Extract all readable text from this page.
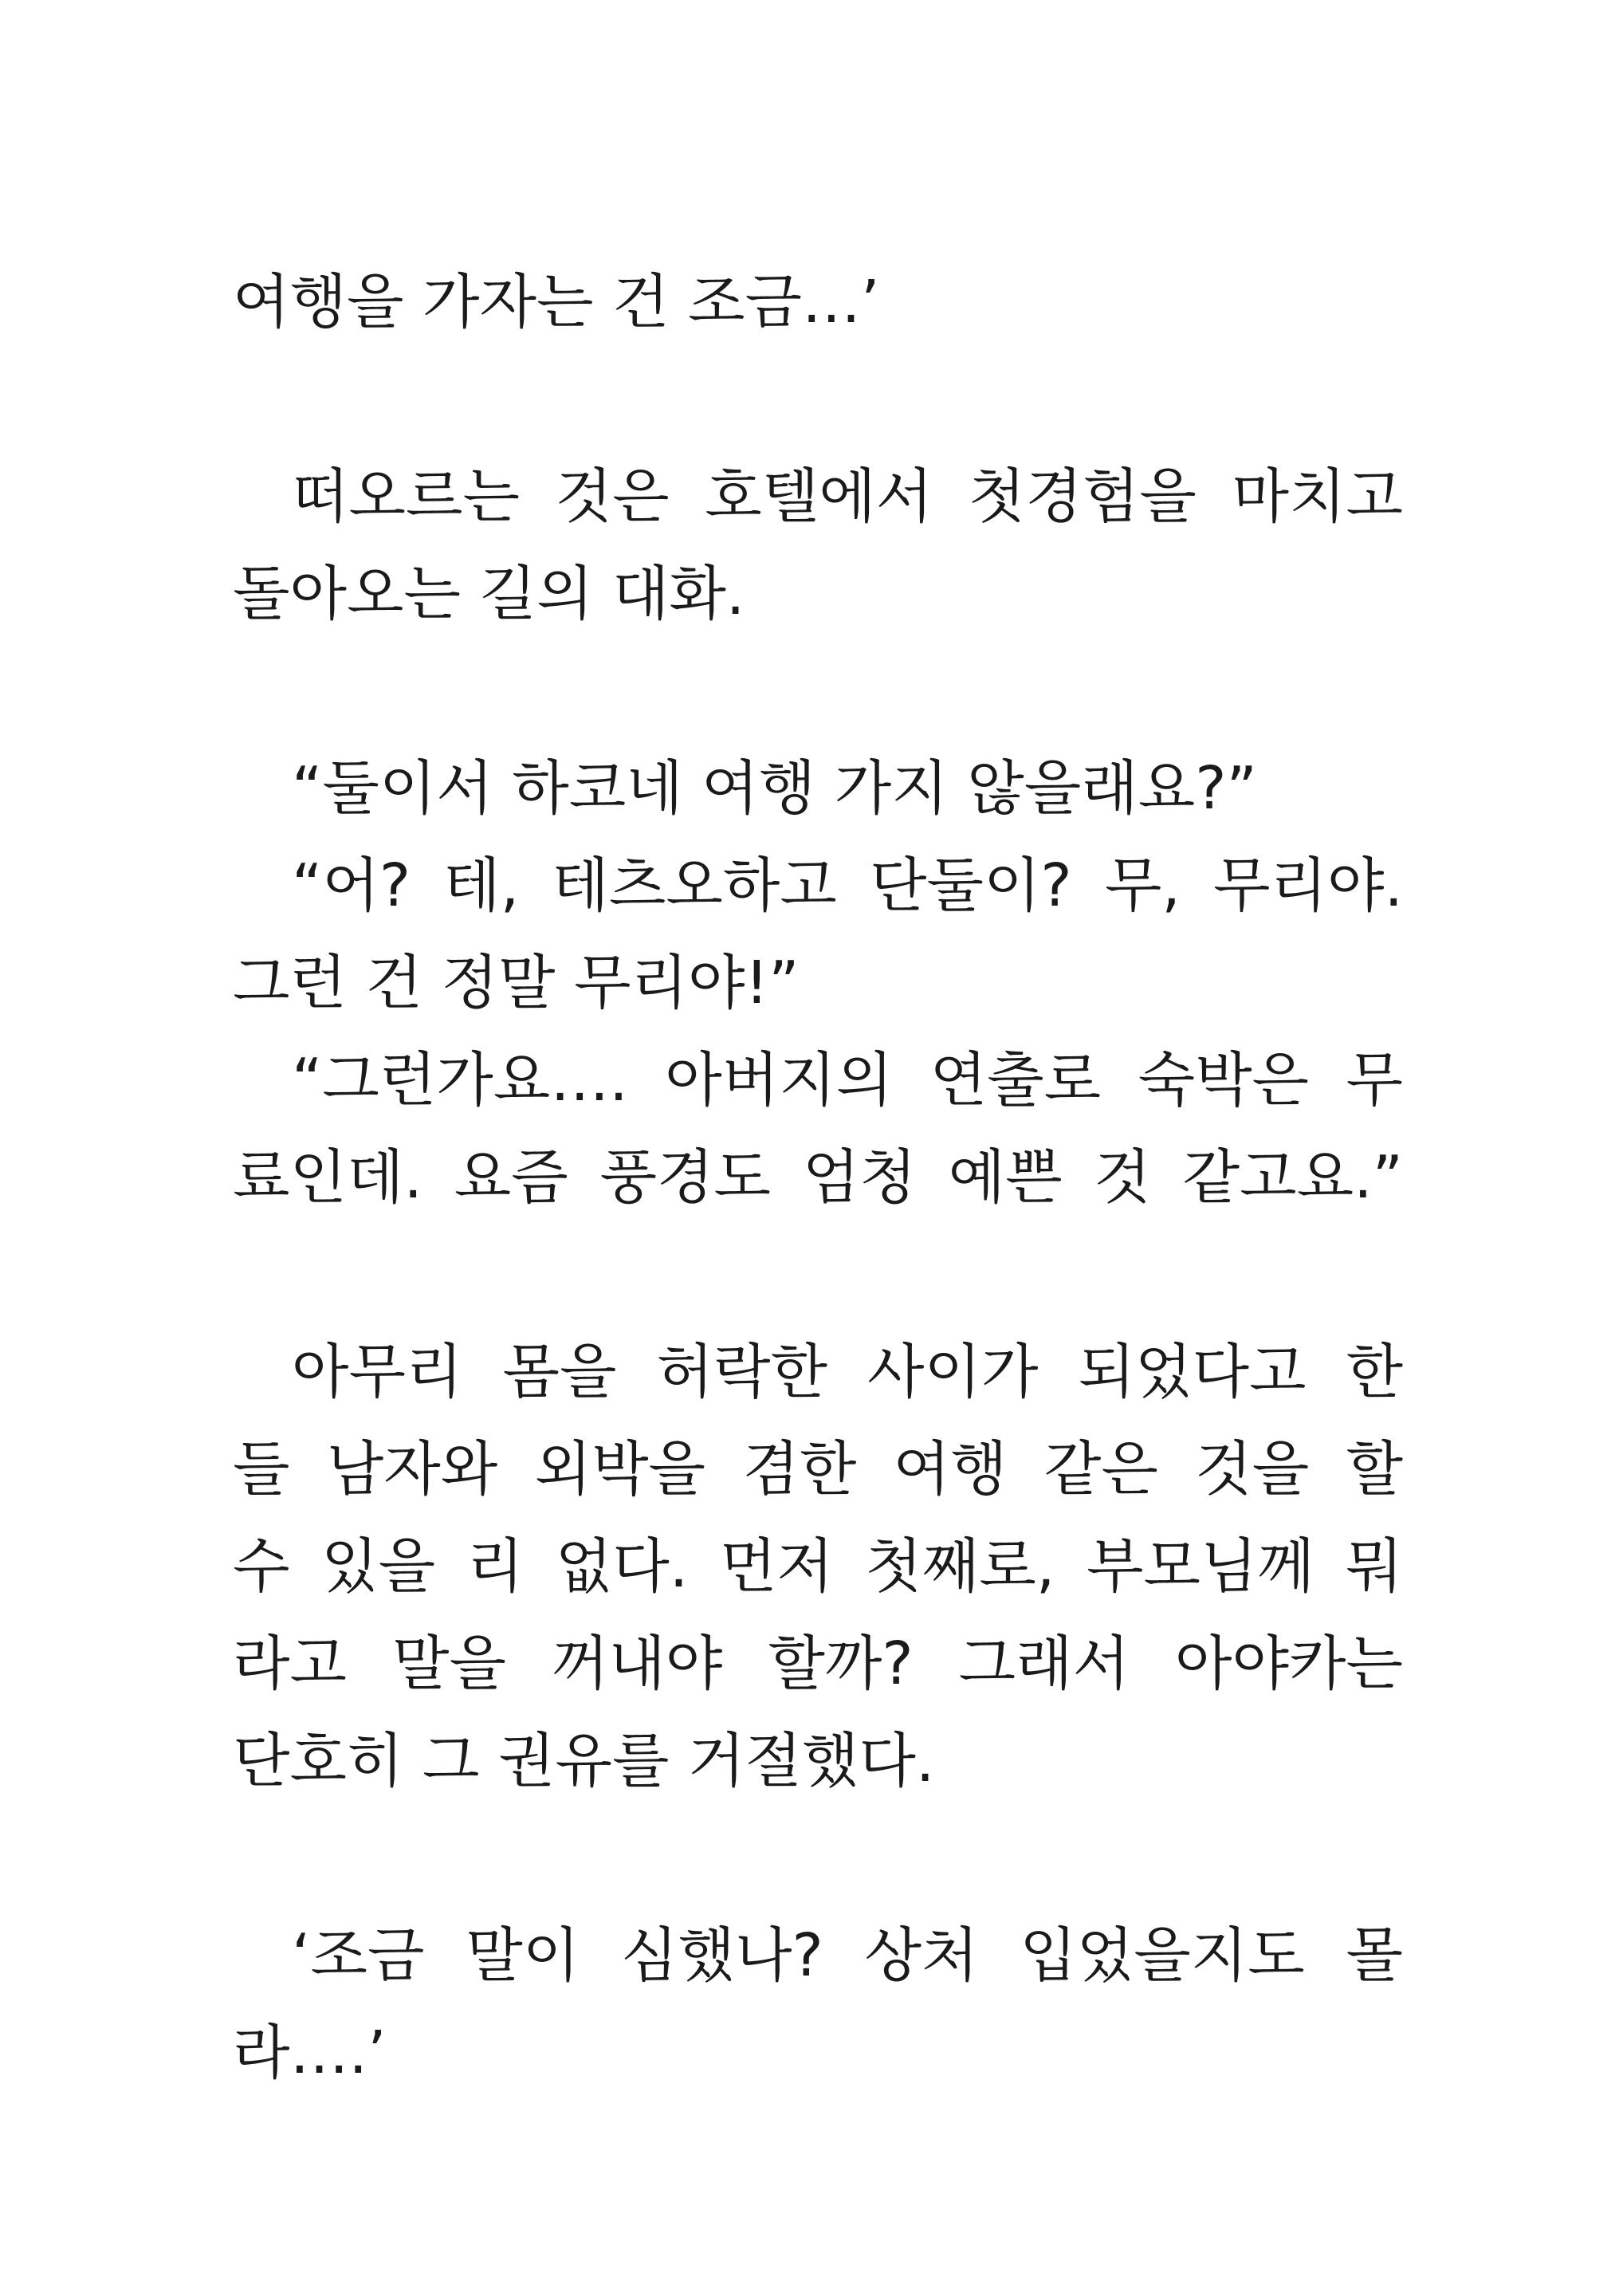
여행을 가자는 건 조금…’
떠오르는 것은 호텔에서 첫경험을 마치고
돌아오는 길의 대화.
“둘이서 하코네 여행 가지 않을래요?”
“어? 테, 테츠오하고 단둘이? 무, 무리야.
그런 건 정말 무리야!”
“그런가요…. 아버지의 연출로 숙박은 무
료인데. 요즘 풍경도 엄청 예쁜 것 같고요.”
아무리 몸을 허락한 사이가 되었다고 한
들 남자와 외박을 겸한 여행 같은 것을 할
수 있을 리 없다. 먼저 첫째로, 부모님께 뭐
라고 말을 꺼내야 할까? 그래서 아야카는
단호히 그 권유를 거절했다.
‘조금 말이 심했나? 상처 입었을지도 몰
라….’
